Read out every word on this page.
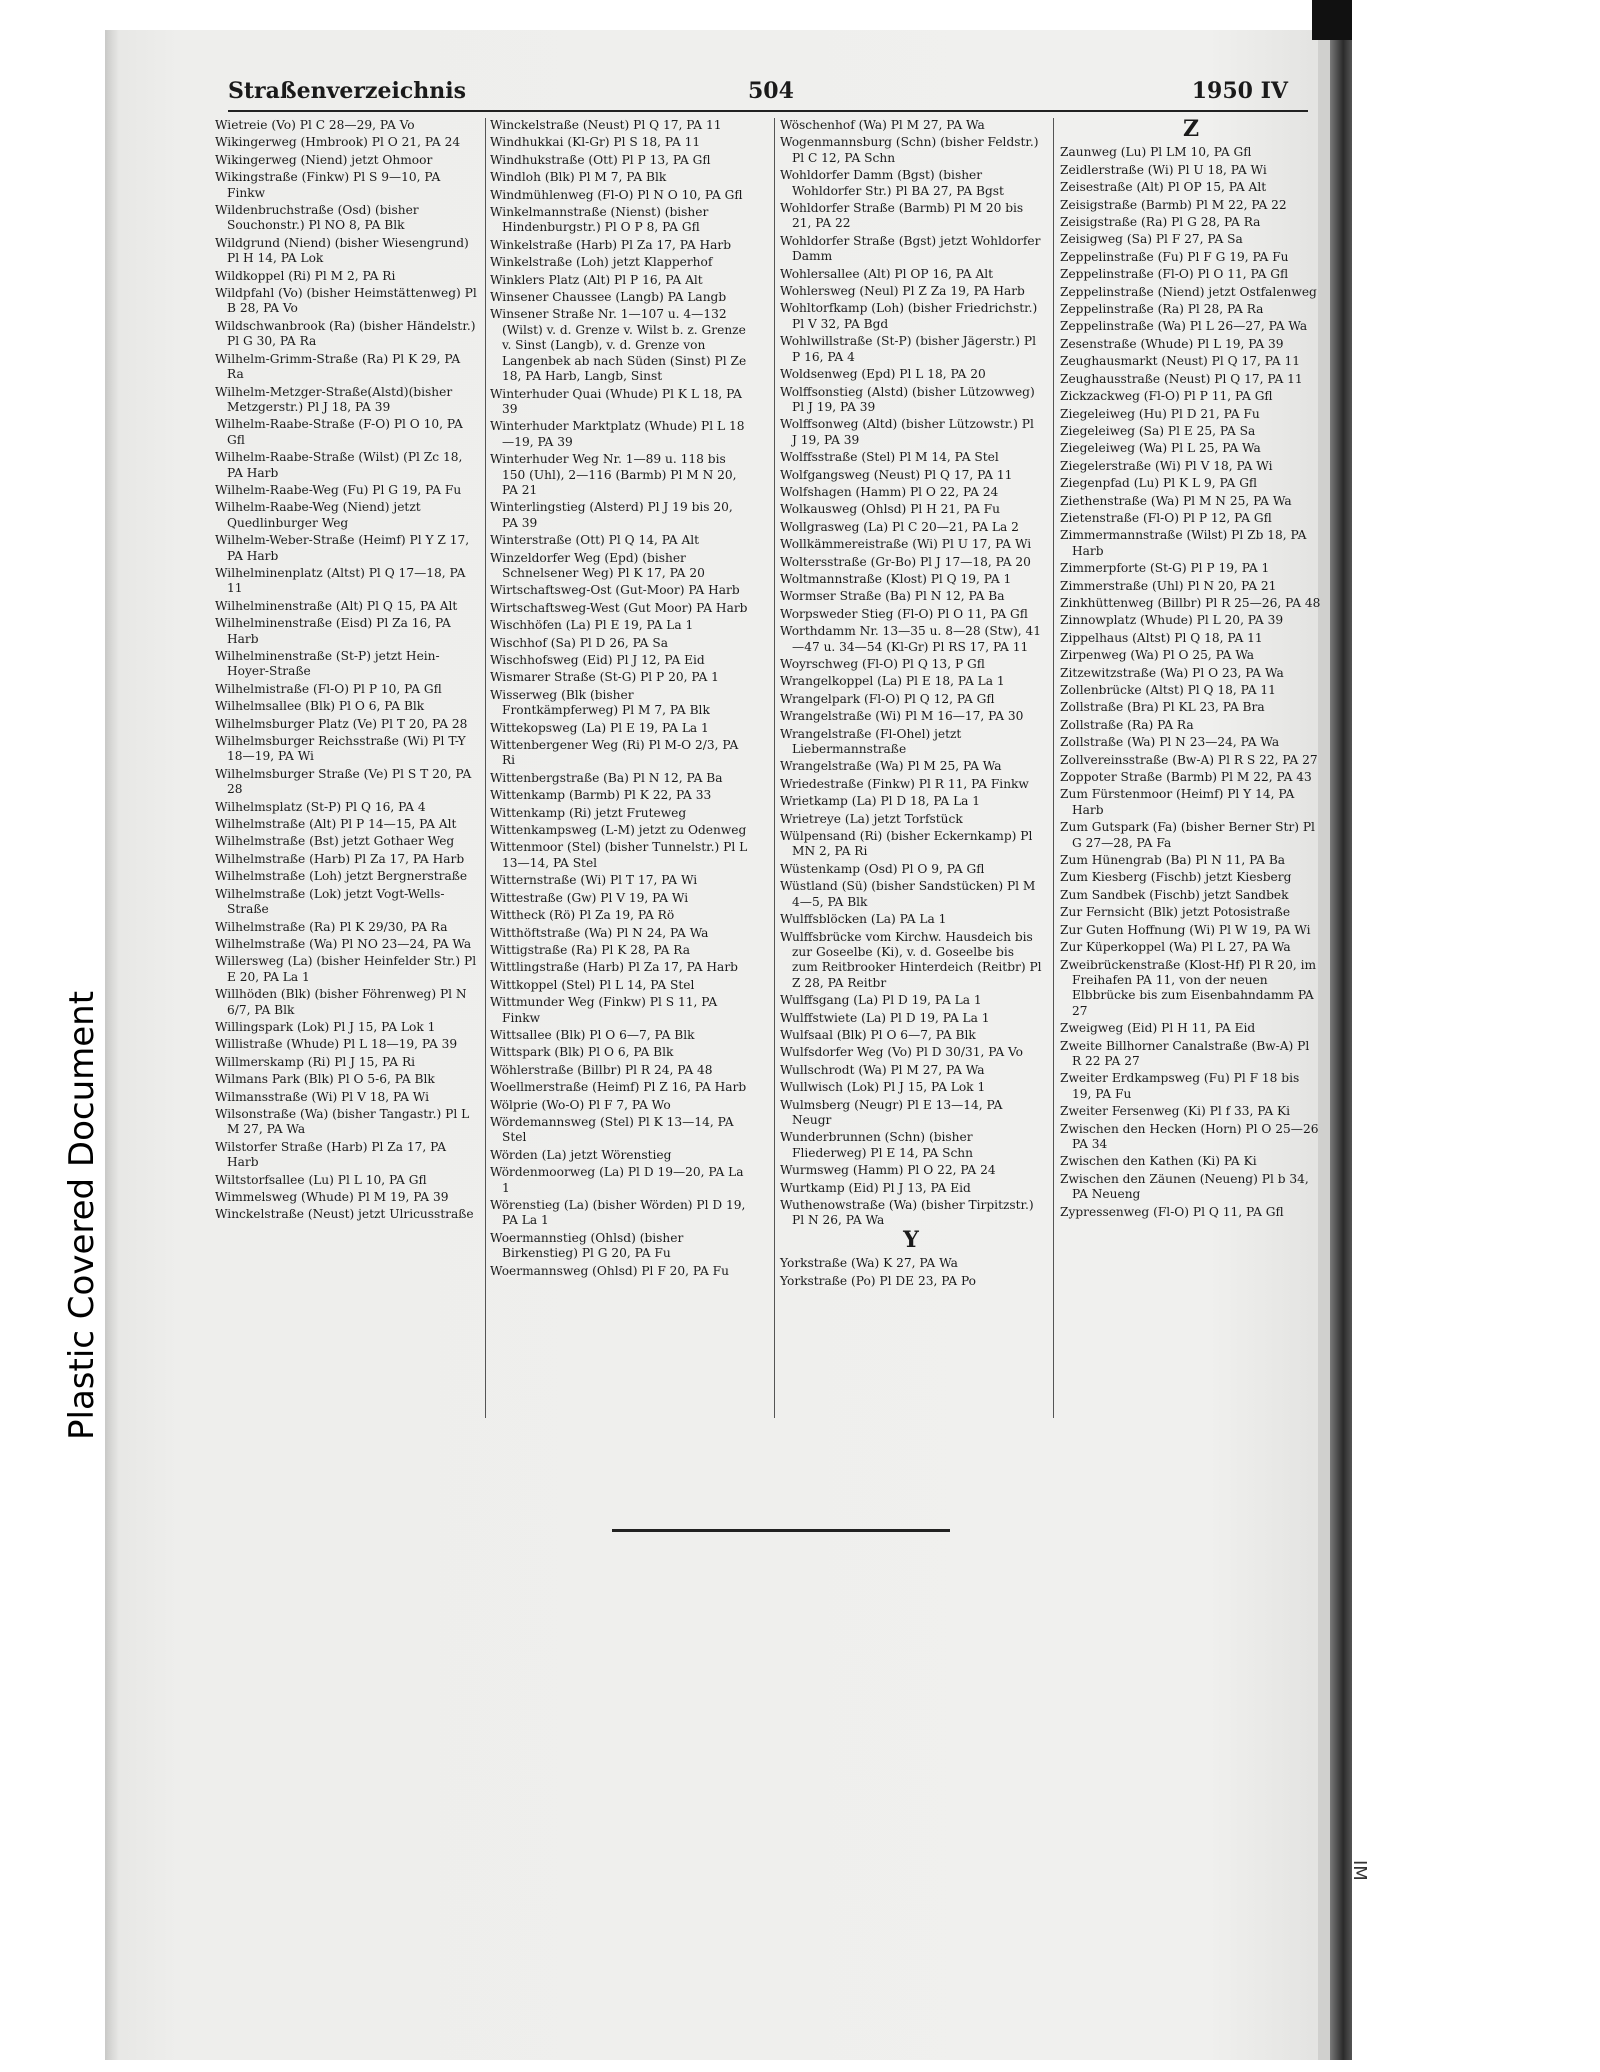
IM
Plastic Covered Document
Straßenverzeichnis	504	1950 IV
Wietreie (Vo) Pl C 28—29, PA Vo
Wikingerweg (Hmbrook) Pl O 21, PA 24
Wikingerweg (Niend) jetzt Ohmoor
Wikingstraße (Finkw) Pl S 9—10, PA Finkw
Wildenbruchstraße (Osd) (bisher Souchonstr.) Pl NO 8, PA Blk
Wildgrund (Niend) (bisher Wiesengrund) Pl H 14, PA Lok
Wildkoppel (Ri) Pl M 2, PA Ri
Wildpfahl (Vo) (bisher Heimstättenweg) Pl B 28, PA Vo
Wildschwanbrook (Ra) (bisher Händelstr.) Pl G 30, PA Ra
Wilhelm-Grimm-Straße (Ra) Pl K 29, PA Ra
Wilhelm-Metzger-Straße(Alstd)(bisher Metzgerstr.) Pl J 18, PA 39
Wilhelm-Raabe-Straße (F-O) Pl O 10, PA Gfl
Wilhelm-Raabe-Straße (Wilst) (Pl Zc 18, PA Harb
Wilhelm-Raabe-Weg (Fu) Pl G 19, PA Fu
Wilhelm-Raabe-Weg (Niend) jetzt Quedlinburger Weg
Wilhelm-Weber-Straße (Heimf) Pl Y Z 17, PA Harb
Wilhelminenplatz (Altst) Pl Q 17—18, PA 11
Wilhelminenstraße (Alt) Pl Q 15, PA Alt
Wilhelminenstraße (Eisd) Pl Za 16, PA Harb
Wilhelminenstraße (St-P) jetzt Hein-Hoyer-Straße
Wilhelmistraße (Fl-O) Pl P 10, PA Gfl
Wilhelmsallee (Blk) Pl O 6, PA Blk
Wilhelmsburger Platz (Ve) Pl T 20, PA 28
Wilhelmsburger Reichsstraße (Wi) Pl T-Y 18—19, PA Wi
Wilhelmsburger Straße (Ve) Pl S T 20, PA 28
Wilhelmsplatz (St-P) Pl Q 16, PA 4
Wilhelmstraße (Alt) Pl P 14—15, PA Alt
Wilhelmstraße (Bst) jetzt Gothaer Weg
Wilhelmstraße (Harb) Pl Za 17, PA Harb
Wilhelmstraße (Loh) jetzt Bergnerstraße
Wilhelmstraße (Lok) jetzt Vogt-Wells-Straße
Wilhelmstraße (Ra) Pl K 29/30, PA Ra
Wilhelmstraße (Wa) Pl NO 23—24, PA Wa
Willersweg (La) (bisher Heinfelder Str.) Pl E 20, PA La 1
Willhöden (Blk) (bisher Föhrenweg) Pl N 6/7, PA Blk
Willingspark (Lok) Pl J 15, PA Lok 1
Willistraße (Whude) Pl L 18—19, PA 39
Willmerskamp (Ri) Pl J 15, PA Ri
Wilmans Park (Blk) Pl O 5-6, PA Blk
Wilmansstraße (Wi) Pl V 18, PA Wi
Wilsonstraße (Wa) (bisher Tangastr.) Pl L M 27, PA Wa
Wilstorfer Straße (Harb) Pl Za 17, PA Harb
Wiltstorfsallee (Lu) Pl L 10, PA Gfl
Wimmelsweg (Whude) Pl M 19, PA 39
Winckelstraße (Neust) jetzt Ulricusstraße
Winckelstraße (Neust) Pl Q 17, PA 11
Windhukkai (Kl-Gr) Pl S 18, PA 11
Windhukstraße (Ott) Pl P 13, PA Gfl
Windloh (Blk) Pl M 7, PA Blk
Windmühlenweg (Fl-O) Pl N O 10, PA Gfl
Winkelmannstraße (Nienst) (bisher Hindenburgstr.) Pl O P 8, PA Gfl
Winkelstraße (Harb) Pl Za 17, PA Harb
Winkelstraße (Loh) jetzt Klapperhof
Winklers Platz (Alt) Pl P 16, PA Alt
Winsener Chaussee (Langb) PA Langb
Winsener Straße Nr. 1—107 u. 4—132 (Wilst) v. d. Grenze v. Wilst b. z. Grenze v. Sinst (Langb), v. d. Grenze von Langenbek ab nach Süden (Sinst) Pl Ze 18, PA Harb, Langb, Sinst
Winterhuder Quai (Whude) Pl K L 18, PA 39
Winterhuder Marktplatz (Whude) Pl L 18—19, PA 39
Winterhuder Weg Nr. 1—89 u. 118 bis 150 (Uhl), 2—116 (Barmb) Pl M N 20, PA 21
Winterlingstieg (Alsterd) Pl J 19 bis 20, PA 39
Winterstraße (Ott) Pl Q 14, PA Alt
Winzeldorfer Weg (Epd) (bisher Schnelsener Weg) Pl K 17, PA 20
Wirtschaftsweg-Ost (Gut-Moor) PA Harb
Wirtschaftsweg-West (Gut Moor) PA Harb
Wischhöfen (La) Pl E 19, PA La 1
Wischhof (Sa) Pl D 26, PA Sa
Wischhofsweg (Eid) Pl J 12, PA Eid
Wismarer Straße (St-G) Pl P 20, PA 1
Wisserweg (Blk (bisher Frontkämpferweg) Pl M 7, PA Blk
Wittekopsweg (La) Pl E 19, PA La 1
Wittenbergener Weg (Ri) Pl M-O 2/3, PA Ri
Wittenbergstraße (Ba) Pl N 12, PA Ba
Wittenkamp (Barmb) Pl K 22, PA 33
Wittenkamp (Ri) jetzt Fruteweg
Wittenkampsweg (L-M) jetzt zu Odenweg
Wittenmoor (Stel) (bisher Tunnelstr.) Pl L 13—14, PA Stel
Witternstraße (Wi) Pl T 17, PA Wi
Wittestraße (Gw) Pl V 19, PA Wi
Wittheck (Rö) Pl Za 19, PA Rö
Witthöftstraße (Wa) Pl N 24, PA Wa
Wittigstraße (Ra) Pl K 28, PA Ra
Wittlingstraße (Harb) Pl Za 17, PA Harb
Wittkoppel (Stel) Pl L 14, PA Stel
Wittmunder Weg (Finkw) Pl S 11, PA Finkw
Wittsallee (Blk) Pl O 6—7, PA Blk
Wittspark (Blk) Pl O 6, PA Blk
Wöhlerstraße (Billbr) Pl R 24, PA 48
Woellmerstraße (Heimf) Pl Z 16, PA Harb
Wölprie (Wo-O) Pl F 7, PA Wo
Wördemannsweg (Stel) Pl K 13—14, PA Stel
Wörden (La) jetzt Wörenstieg
Wördenmoorweg (La) Pl D 19—20, PA La 1
Wörenstieg (La) (bisher Wörden) Pl D 19, PA La 1
Woermannstieg (Ohlsd) (bisher Birkenstieg) Pl G 20, PA Fu
Woermannsweg (Ohlsd) Pl F 20, PA Fu
Wöschenhof (Wa) Pl M 27, PA Wa
Wogenmannsburg (Schn) (bisher Feldstr.) Pl C 12, PA Schn
Wohldorfer Damm (Bgst) (bisher Wohldorfer Str.) Pl BA 27, PA Bgst
Wohldorfer Straße (Barmb) Pl M 20 bis 21, PA 22
Wohldorfer Straße (Bgst) jetzt Wohldorfer Damm
Wohlersallee (Alt) Pl OP 16, PA Alt
Wohlersweg (Neul) Pl Z Za 19, PA Harb
Wohltorfkamp (Loh) (bisher Friedrichstr.) Pl V 32, PA Bgd
Wohlwillstraße (St-P) (bisher Jägerstr.) Pl P 16, PA 4
Woldsenweg (Epd) Pl L 18, PA 20
Wolffsonstieg (Alstd) (bisher Lützowweg) Pl J 19, PA 39
Wolffsonweg (Altd) (bisher Lützowstr.) Pl J 19, PA 39
Wolffsstraße (Stel) Pl M 14, PA Stel
Wolfgangsweg (Neust) Pl Q 17, PA 11
Wolfshagen (Hamm) Pl O 22, PA 24
Wolkausweg (Ohlsd) Pl H 21, PA Fu
Wollgrasweg (La) Pl C 20—21, PA La 2
Wollkämmereistraße (Wi) Pl U 17, PA Wi
Woltersstraße (Gr-Bo) Pl J 17—18, PA 20
Woltmannstraße (Klost) Pl Q 19, PA 1
Wormser Straße (Ba) Pl N 12, PA Ba
Worpsweder Stieg (Fl-O) Pl O 11, PA Gfl
Worthdamm Nr. 13—35 u. 8—28 (Stw), 41—47 u. 34—54 (Kl-Gr) Pl RS 17, PA 11
Woyrschweg (Fl-O) Pl Q 13, P Gfl
Wrangelkoppel (La) Pl E 18, PA La 1
Wrangelpark (Fl-O) Pl Q 12, PA Gfl
Wrangelstraße (Wi) Pl M 16—17, PA 30
Wrangelstraße (Fl-Ohel) jetzt Liebermannstraße
Wrangelstraße (Wa) Pl M 25, PA Wa
Wriedestraße (Finkw) Pl R 11, PA Finkw
Wrietkamp (La) Pl D 18, PA La 1
Wrietreye (La) jetzt Torfstück
Wülpensand (Ri) (bisher Eckernkamp) Pl MN 2, PA Ri
Wüstenkamp (Osd) Pl O 9, PA Gfl
Wüstland (Sü) (bisher Sandstücken) Pl M 4—5, PA Blk
Wulffsblöcken (La) PA La 1
Wulffsbrücke vom Kirchw. Hausdeich bis zur Goseelbe (Ki), v. d. Goseelbe bis zum Reitbrooker Hinterdeich (Reitbr) Pl Z 28, PA Reitbr
Wulffsgang (La) Pl D 19, PA La 1
Wulffstwiete (La) Pl D 19, PA La 1
Wulfsaal (Blk) Pl O 6—7, PA Blk
Wulfsdorfer Weg (Vo) Pl D 30/31, PA Vo
Wullschrodt (Wa) Pl M 27, PA Wa
Wullwisch (Lok) Pl J 15, PA Lok 1
Wulmsberg (Neugr) Pl E 13—14, PA Neugr
Wunderbrunnen (Schn) (bisher Fliederweg) Pl E 14, PA Schn
Wurmsweg (Hamm) Pl O 22, PA 24
Wurtkamp (Eid) Pl J 13, PA Eid
Wuthenowstraße (Wa) (bisher Tirpitzstr.) Pl N 26, PA Wa
Y
Yorkstraße (Wa) K 27, PA Wa
Yorkstraße (Po) Pl DE 23, PA Po
Z
Zaunweg (Lu) Pl LM 10, PA Gfl
Zeidlerstraße (Wi) Pl U 18, PA Wi
Zeisestraße (Alt) Pl OP 15, PA Alt
Zeisigstraße (Barmb) Pl M 22, PA 22
Zeisigstraße (Ra) Pl G 28, PA Ra
Zeisigweg (Sa) Pl F 27, PA Sa
Zeppelinstraße (Fu) Pl F G 19, PA Fu
Zeppelinstraße (Fl-O) Pl O 11, PA Gfl
Zeppelinstraße (Niend) jetzt Ostfalenweg
Zeppelinstraße (Ra) Pl 28, PA Ra
Zeppelinstraße (Wa) Pl L 26—27, PA Wa
Zesenstraße (Whude) Pl L 19, PA 39
Zeughausmarkt (Neust) Pl Q 17, PA 11
Zeughausstraße (Neust) Pl Q 17, PA 11
Zickzackweg (Fl-O) Pl P 11, PA Gfl
Ziegeleiweg (Hu) Pl D 21, PA Fu
Ziegeleiweg (Sa) Pl E 25, PA Sa
Ziegeleiweg (Wa) Pl L 25, PA Wa
Ziegelerstraße (Wi) Pl V 18, PA Wi
Ziegenpfad (Lu) Pl K L 9, PA Gfl
Ziethenstraße (Wa) Pl M N 25, PA Wa
Zietenstraße (Fl-O) Pl P 12, PA Gfl
Zimmermannstraße (Wilst) Pl Zb 18, PA Harb
Zimmerpforte (St-G) Pl P 19, PA 1
Zimmerstraße (Uhl) Pl N 20, PA 21
Zinkhüttenweg (Billbr) Pl R 25—26, PA 48
Zinnowplatz (Whude) Pl L 20, PA 39
Zippelhaus (Altst) Pl Q 18, PA 11
Zirpenweg (Wa) Pl O 25, PA Wa
Zitzewitzstraße (Wa) Pl O 23, PA Wa
Zollenbrücke (Altst) Pl Q 18, PA 11
Zollstraße (Bra) Pl KL 23, PA Bra
Zollstraße (Ra) PA Ra
Zollstraße (Wa) Pl N 23—24, PA Wa
Zollvereinsstraße (Bw-A) Pl R S 22, PA 27
Zoppoter Straße (Barmb) Pl M 22, PA 43
Zum Fürstenmoor (Heimf) Pl Y 14, PA Harb
Zum Gutspark (Fa) (bisher Berner Str) Pl G 27—28, PA Fa
Zum Hünengrab (Ba) Pl N 11, PA Ba
Zum Kiesberg (Fischb) jetzt Kiesberg
Zum Sandbek (Fischb) jetzt Sandbek
Zur Fernsicht (Blk) jetzt Potosistraße
Zur Guten Hoffnung (Wi) Pl W 19, PA Wi
Zur Küperkoppel (Wa) Pl L 27, PA Wa
Zweibrückenstraße (Klost-Hf) Pl R 20, im Freihafen PA 11, von der neuen Elbbrücke bis zum Eisenbahndamm PA 27
Zweigweg (Eid) Pl H 11, PA Eid
Zweite Billhorner Canalstraße (Bw-A) Pl R 22 PA 27
Zweiter Erdkampsweg (Fu) Pl F 18 bis 19, PA Fu
Zweiter Fersenweg (Ki) Pl f 33, PA Ki
Zwischen den Hecken (Horn) Pl O 25—26 PA 34
Zwischen den Kathen (Ki) PA Ki
Zwischen den Zäunen (Neueng) Pl b 34, PA Neueng
Zypressenweg (Fl-O) Pl Q 11, PA Gfl
